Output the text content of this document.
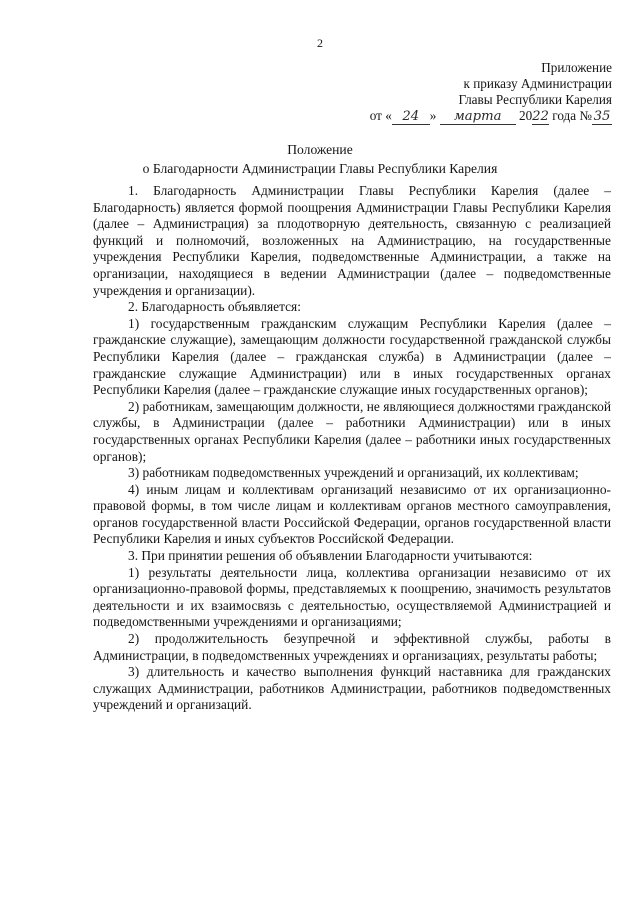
2
Приложение
к приказу Администрации
Главы Республики Карелия
от « 24 » марта 2022 года № 35
Положение
о Благодарности Администрации Главы Республики Карелия

1. Благодарность Администрации Главы Республики Карелия (далее – Благодарность) является формой поощрения Администрации Главы Республики Карелия (далее – Администрация) за плодотворную деятельность, связанную с реализацией функций и полномочий, возложенных на Администрацию, на государственные учреждения Республики Карелия, подведомственные Администрации, а также на организации, находящиеся в ведении Администрации (далее – подведомственные учреждения и организации).

2. Благодарность объявляется:

1) государственным гражданским служащим Республики Карелия (далее – гражданские служащие), замещающим должности государственной гражданской службы Республики Карелия (далее – гражданская служба) в Администрации (далее – гражданские служащие Администрации) или в иных государственных органах Республики Карелия (далее – гражданские служащие иных государственных органов);

2) работникам, замещающим должности, не являющиеся должностями гражданской службы, в Администрации (далее – работники Администрации) или в иных государственных органах Республики Карелия (далее – работники иных государственных органов);

3) работникам подведомственных учреждений и организаций, их коллективам;

4) иным лицам и коллективам организаций независимо от их организационно-правовой формы, в том числе лицам и коллективам органов местного самоуправления, органов государственной власти Российской Федерации, органов государственной власти Республики Карелия и иных субъектов Российской Федерации.

3. При принятии решения об объявлении Благодарности учитываются:

1) результаты деятельности лица, коллектива организации независимо от их организационно-правовой формы, представляемых к поощрению, значимость результатов деятельности и их взаимосвязь с деятельностью, осуществляемой Администрацией и подведомственными учреждениями и организациями;

2) продолжительность безупречной и эффективной службы, работы в Администрации, в подведомственных учреждениях и организациях, результаты работы;

3) длительность и качество выполнения функций наставника для гражданских служащих Администрации, работников Администрации, работников подведомственных учреждений и организаций.
